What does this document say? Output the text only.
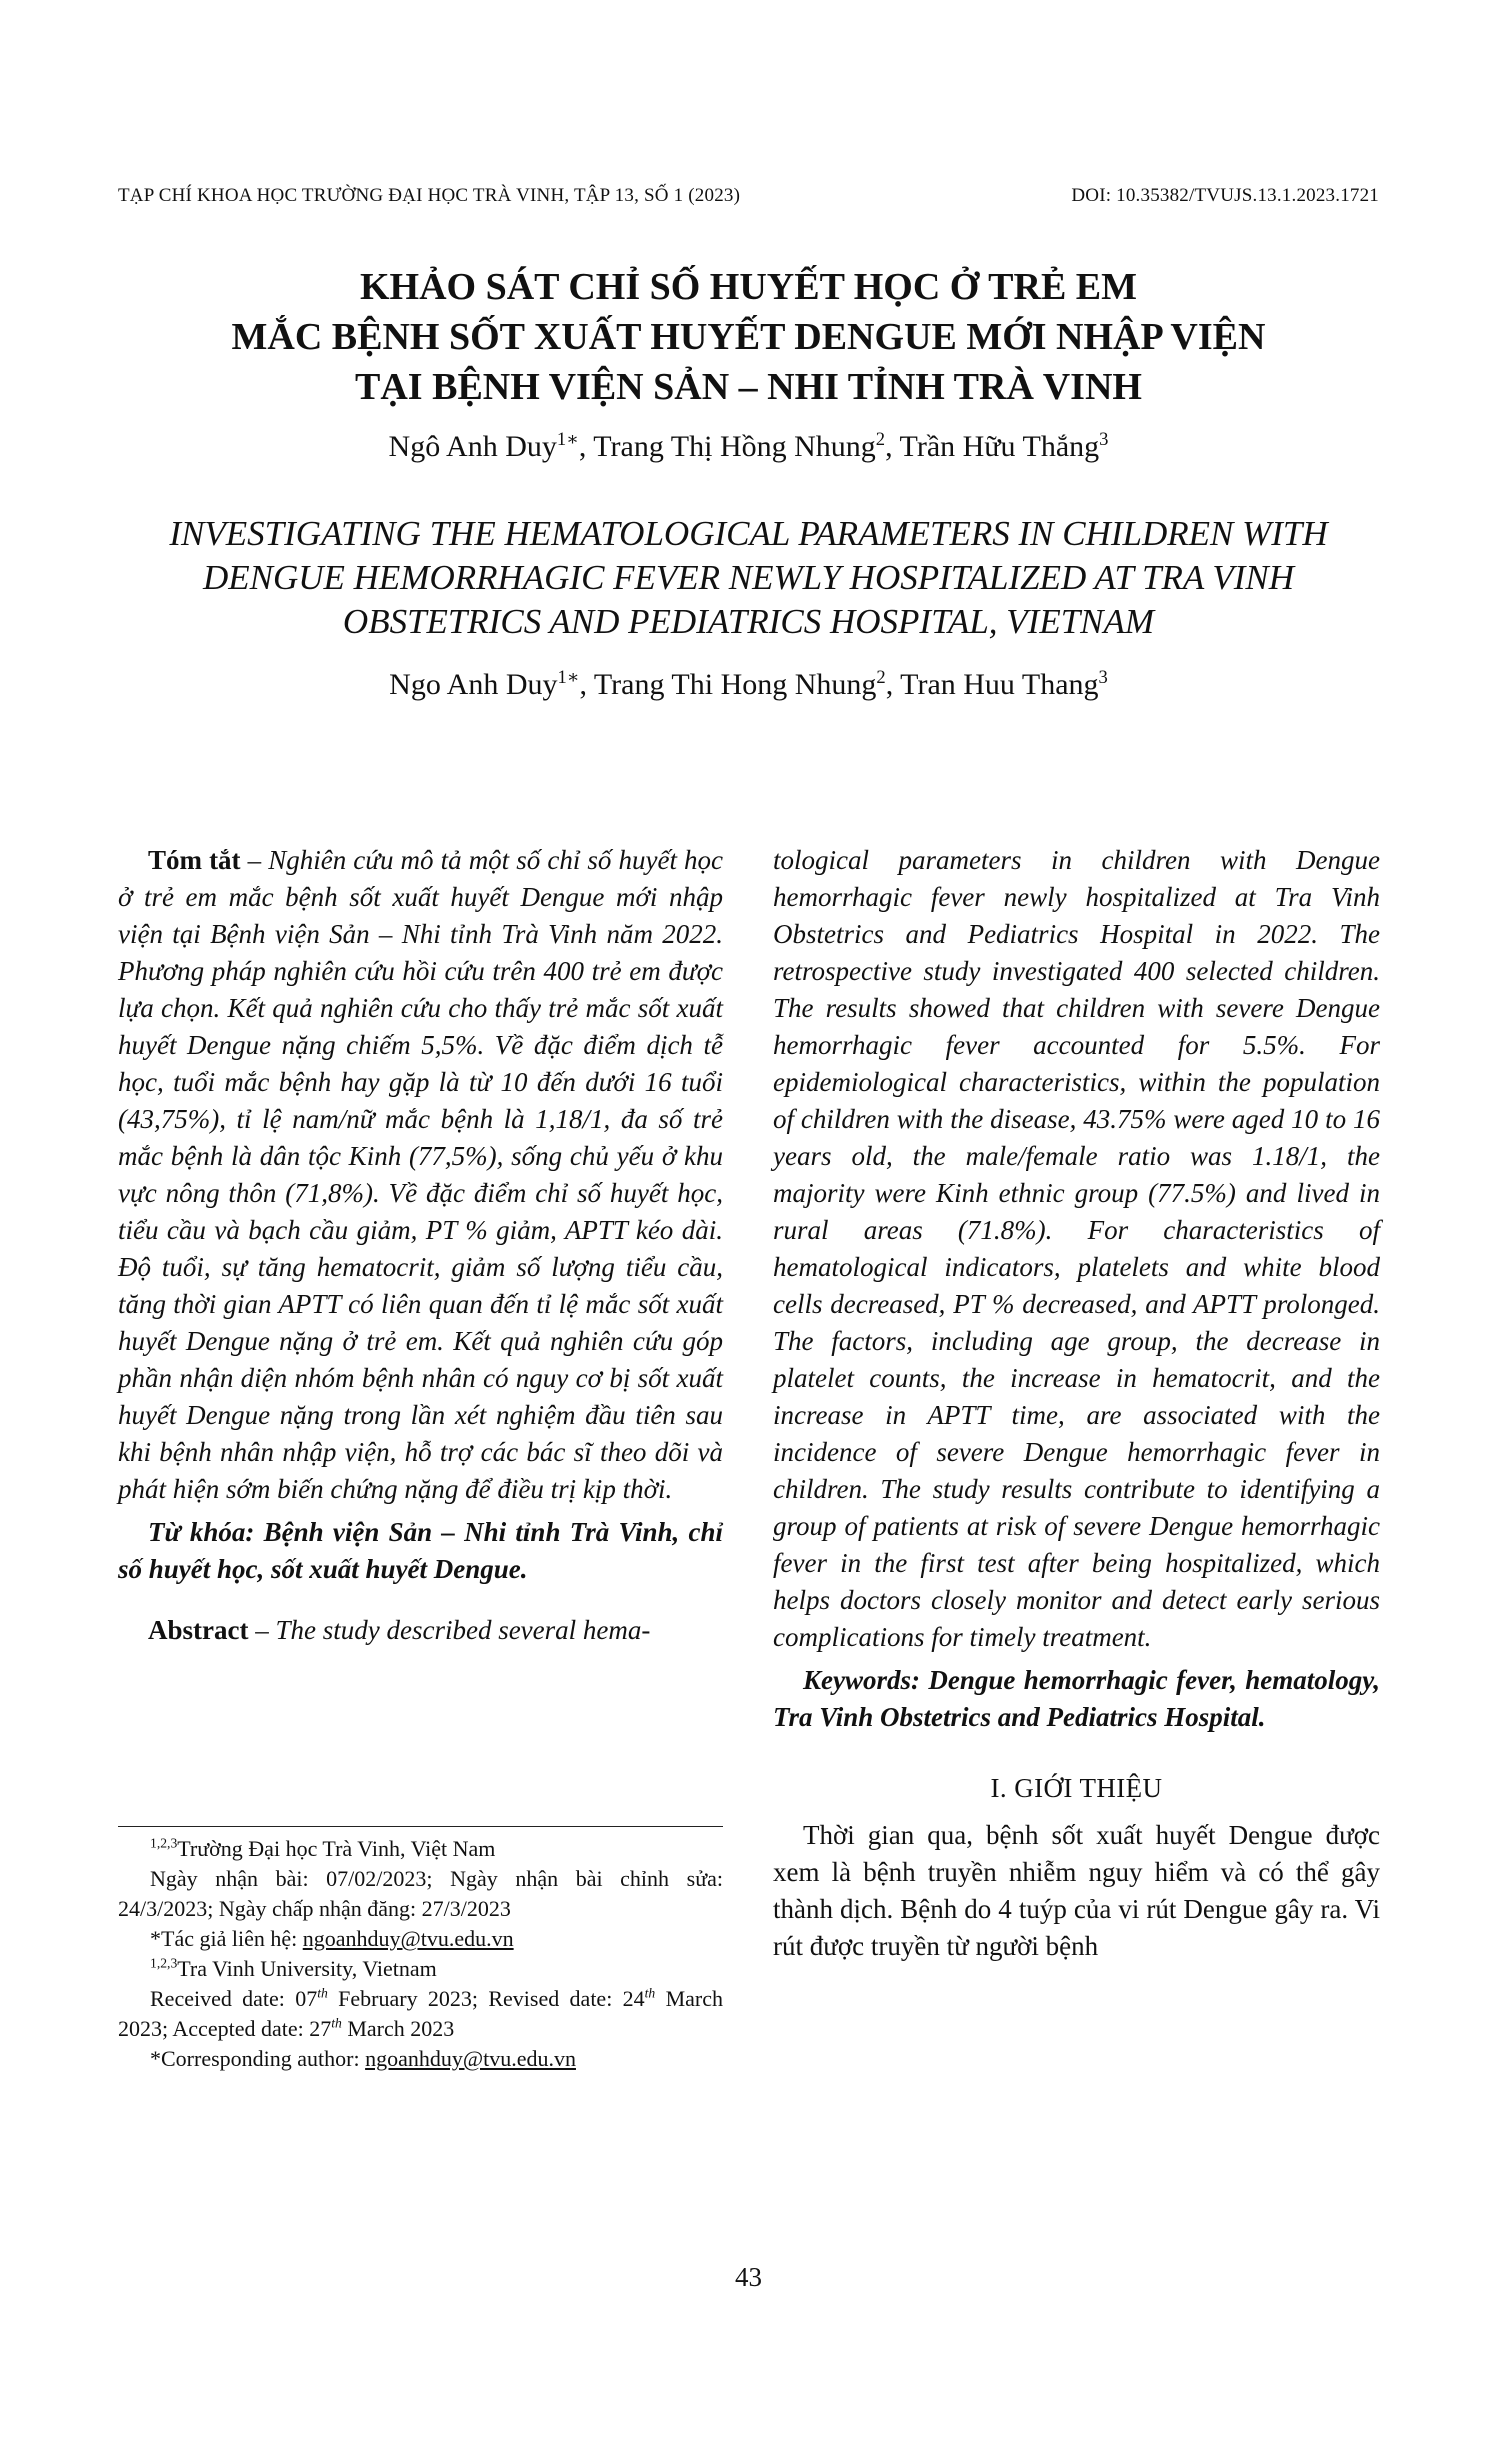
TẠP CHÍ KHOA HỌC TRƯỜNG ĐẠI HỌC TRÀ VINH, TẬP 13, SỐ 1 (2023)	DOI: 10.35382/TVUJS.13.1.2023.1721
KHẢO SÁT CHỈ SỐ HUYẾT HỌC Ở TRẺ EM
MẮC BỆNH SỐT XUẤT HUYẾT DENGUE MỚI NHẬP VIỆN
TẠI BỆNH VIỆN SẢN – NHI TỈNH TRÀ VINH
Ngô Anh Duy$^{1∗}$, Trang Thị Hồng Nhung$^2$, Trần Hữu Thắng$^3$
INVESTIGATING THE HEMATOLOGICAL PARAMETERS IN CHILDREN WITH
DENGUE HEMORRHAGIC FEVER NEWLY HOSPITALIZED AT TRA VINH
OBSTETRICS AND PEDIATRICS HOSPITAL, VIETNAM
Ngo Anh Duy$^{1∗}$, Trang Thi Hong Nhung$^2$, Tran Huu Thang$^3$

Tóm tắt – Nghiên cứu mô tả một số chỉ số huyết học ở trẻ em mắc bệnh sốt xuất huyết Dengue mới nhập viện tại Bệnh viện Sản – Nhi tỉnh Trà Vinh năm 2022. Phương pháp nghiên cứu hồi cứu trên 400 trẻ em được lựa chọn. Kết quả nghiên cứu cho thấy trẻ mắc sốt xuất huyết Dengue nặng chiếm 5,5%. Về đặc điểm dịch tễ học, tuổi mắc bệnh hay gặp là từ 10 đến dưới 16 tuổi (43,75%), tỉ lệ nam/nữ mắc bệnh là 1,18/1, đa số trẻ mắc bệnh là dân tộc Kinh (77,5%), sống chủ yếu ở khu vực nông thôn (71,8%). Về đặc điểm chỉ số huyết học, tiểu cầu và bạch cầu giảm, PT % giảm, APTT kéo dài. Độ tuổi, sự tăng hematocrit, giảm số lượng tiểu cầu, tăng thời gian APTT có liên quan đến tỉ lệ mắc sốt xuất huyết Dengue nặng ở trẻ em. Kết quả nghiên cứu góp phần nhận diện nhóm bệnh nhân có nguy cơ bị sốt xuất huyết Dengue nặng trong lần xét nghiệm đầu tiên sau khi bệnh nhân nhập viện, hỗ trợ các bác sĩ theo dõi và phát hiện sớm biến chứng nặng để điều trị kịp thời.

Từ khóa: Bệnh viện Sản – Nhi tỉnh Trà Vinh, chỉ số huyết học, sốt xuất huyết Dengue.

Abstract – The study described several hema-

$^{1,2,3}$Trường Đại học Trà Vinh, Việt Nam

Ngày nhận bài: 07/02/2023; Ngày nhận bài chỉnh sửa: 24/3/2023; Ngày chấp nhận đăng: 27/3/2023

*Tác giả liên hệ: ngoanhduy@tvu.edu.vn

$^{1,2,3}$Tra Vinh University, Vietnam

Received date: 07th February 2023; Revised date: 24th March 2023; Accepted date: 27th March 2023

*Corresponding author: ngoanhduy@tvu.edu.vn

tological parameters in children with Dengue hemorrhagic fever newly hospitalized at Tra Vinh Obstetrics and Pediatrics Hospital in 2022. The retrospective study investigated 400 selected children. The results showed that children with severe Dengue hemorrhagic fever accounted for 5.5%. For epidemiological characteristics, within the population of children with the disease, 43.75% were aged 10 to 16 years old, the male/female ratio was 1.18/1, the majority were Kinh ethnic group (77.5%) and lived in rural areas (71.8%). For characteristics of hematological indicators, platelets and white blood cells decreased, PT % decreased, and APTT prolonged. The factors, including age group, the decrease in platelet counts, the increase in hematocrit, and the increase in APTT time, are associated with the incidence of severe Dengue hemorrhagic fever in children. The study results contribute to identifying a group of patients at risk of severe Dengue hemorrhagic fever in the first test after being hospitalized, which helps doctors closely monitor and detect early serious complications for timely treatment.

Keywords: Dengue hemorrhagic fever, hematology, Tra Vinh Obstetrics and Pediatrics Hospital.

I. GIỚI THIỆU

Thời gian qua, bệnh sốt xuất huyết Dengue được xem là bệnh truyền nhiễm nguy hiểm và có thể gây thành dịch. Bệnh do 4 tuýp của vi rút Dengue gây ra. Vi rút được truyền từ người bệnh

43
